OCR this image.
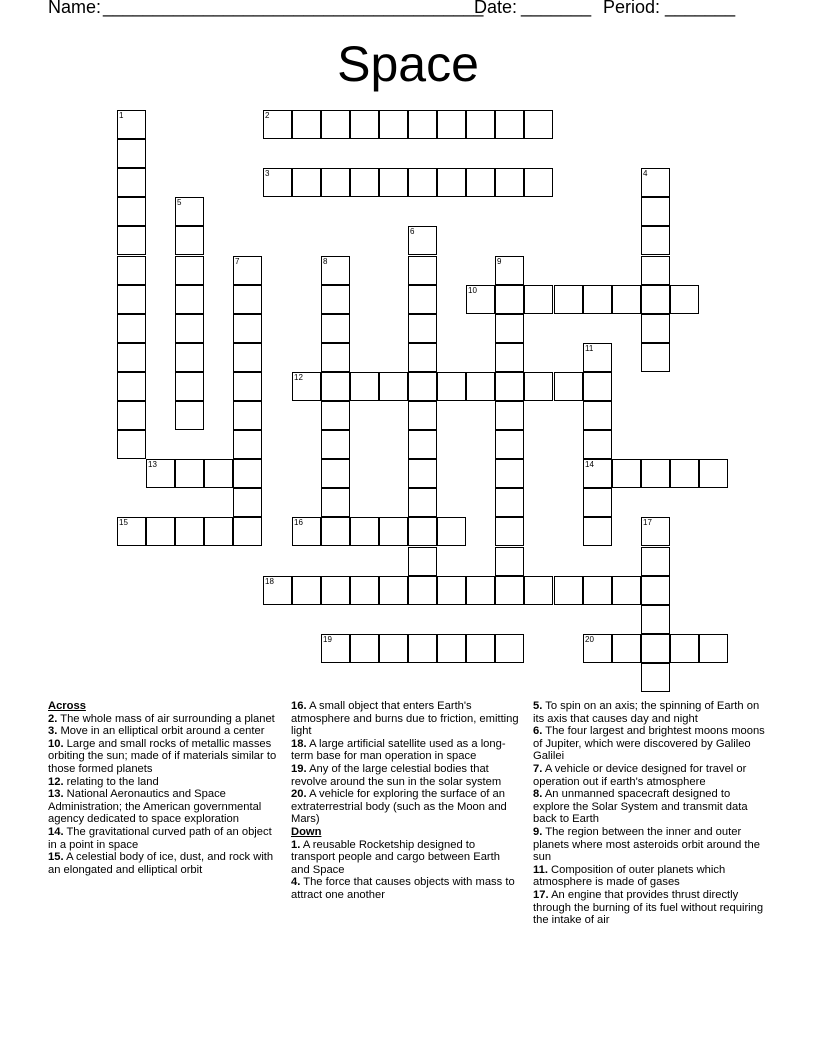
Name: ______________________________________
Date: _______ Period: _______
Space
1	2
3	4
5
6
7	8	9
10
11
14
12
13
15	16	17
18
19	20
Across
2. The whole mass of air surrounding a planet
3. Move in an elliptical orbit around a center
10. Large and small rocks of metallic masses orbiting the sun; made of if materials similar to those formed planets
12. relating to the land
13. National Aeronautics and Space Administration; the American governmental agency dedicated to space exploration
14. The gravitational curved path of an object in a point in space
15. A celestial body of ice, dust, and rock with an elongated and elliptical orbit
16. A small object that enters Earth's atmosphere and burns due to friction, emitting light
18. A large artificial satellite used as a long-term base for man operation in space
19. Any of the large celestial bodies that revolve around the sun in the solar system
20. A vehicle for exploring the surface of an extraterrestrial body (such as the Moon and Mars)
Down
1. A reusable Rocketship designed to transport people and cargo between Earth and Space
4. The force that causes objects with mass to attract one another
5. To spin on an axis; the spinning of Earth on its axis that causes day and night
6. The four largest and brightest moons moons of Jupiter, which were discovered by Galileo Galilei
7. A vehicle or device designed for travel or operation out if earth's atmosphere
8. An unmanned spacecraft designed to explore the Solar System and transmit data back to Earth
9. The region between the inner and outer planets where most asteroids orbit around the sun
11. Composition of outer planets which atmosphere is made of gases
17. An engine that provides thrust directly through the burning of its fuel without requiring the intake of air
